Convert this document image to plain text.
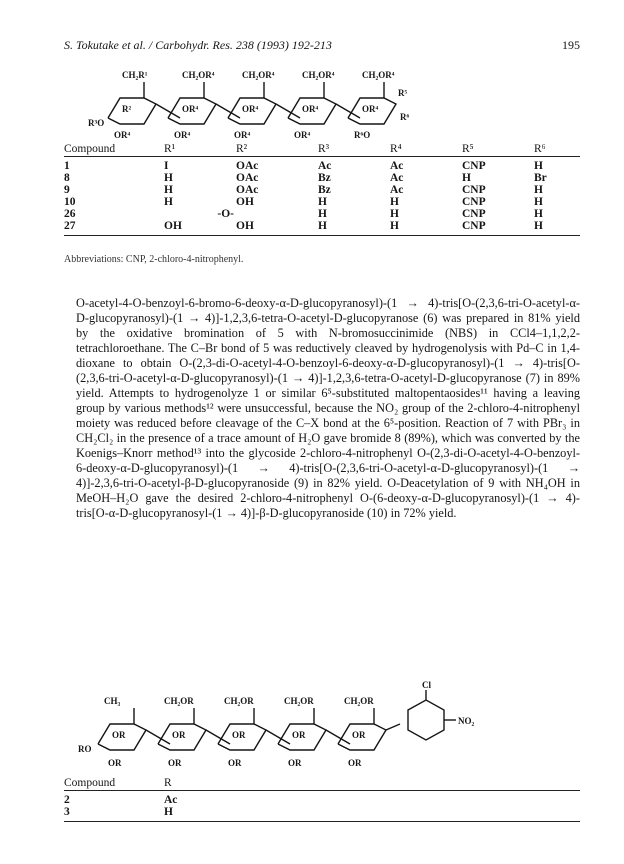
S. Tokutake et al. / Carbohydr. Res. 238 (1993) 192-213	195
CH₂R¹	CH₂OR⁴	CH₂OR⁴	CH₂OR⁴	CH₂OR⁴
R²	OR⁴	OR⁴	OR⁴	OR⁴
OR⁴	OR⁴	OR⁴	OR⁴	R⁶O
R³O
R⁵
R⁶
Compound	R¹	R²	R³	R⁴	R⁵	R⁶
1	I	OAc	Ac	Ac	CNP	H
8	H	OAc	Bz	Ac	H	Br
9	H	OAc	Bz	Ac	CNP	H
10	H	OH	H	H	CNP	H
26	-O-		H	H	CNP	H
27	OH	OH	H	H	CNP	H
Abbreviations: CNP, 2-chloro-4-nitrophenyl.

O-acetyl-4-O-benzoyl-6-bromo-6-deoxy-α-D-glucopyranosyl)-(1 → 4)-tris[O-(2,3,6-tri-O-acetyl-α-D-glucopyranosyl)-(1 → 4)]-1,2,3,6-tetra-O-acetyl-D-glucopyranose (6) was prepared in 81% yield by the oxidative bromination of 5 with N-bromosuccinimide (NBS) in CCl4–1,1,2,2-tetrachloroethane. The C–Br bond of 5 was reductively cleaved by hydrogenolysis with Pd–C in 1,4-dioxane to obtain O-(2,3-di-O-acetyl-4-O-benzoyl-6-deoxy-α-D-glucopyranosyl)-(1 → 4)-tris[O-(2,3,6-tri-O-acetyl-α-D-glucopyranosyl)-(1 → 4)]-1,2,3,6-tetra-O-acetyl-D-glucopyranose (7) in 89% yield. Attempts to hydrogenolyze 1 or similar 6⁵-substituted maltopentaosides¹¹ having a leaving group by various methods¹² were unsuccessful, because the NO₂ group of the 2-chloro-4-nitrophenyl moiety was reduced before cleavage of the C–X bond at the 6⁵-position. Reaction of 7 with PBr₃ in CH₂Cl₂ in the presence of a trace amount of H₂O gave bromide 8 (89%), which was converted by the Koenigs–Knorr method¹³ into the glycoside 2-chloro-4-nitrophenyl O-(2,3-di-O-acetyl-4-O-benzoyl-6-deoxy-α-D-glucopyranosyl)-(1 → 4)-tris[O-(2,3,6-tri-O-acetyl-α-D-glucopyranosyl)-(1 → 4)]-2,3,6-tri-O-acetyl-β-D-glucopyranoside (9) in 82% yield. O-Deacetylation of 9 with NH₄OH in MeOH–H₂O gave the desired 2-chloro-4-nitrophenyl O-(6-deoxy-α-D-glucopyranosyl)-(1 → 4)-tris[O-α-D-glucopyranosyl-(1 → 4)]-β-D-glucopyranoside (10) in 72% yield.

CH₃	CH₂OR	CH₂OR	CH₂OR	CH₂OR
OR	OR	OR	OR	OR
OR	OR	OR	OR	OR
RO
Cl
NO₂
Compound	R
2	Ac
3	H
